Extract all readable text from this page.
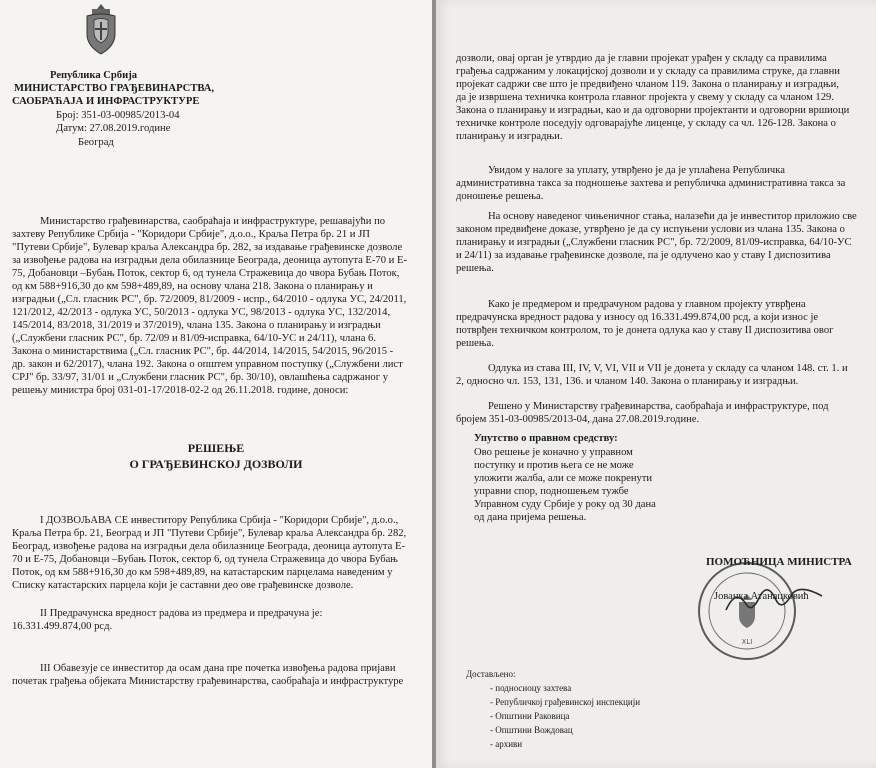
Република Србија
МИНИСТАРСТВО ГРАЂЕВИНАРСТВА,
САОБРАЋАЈА И ИНФРАСТРУКТУРЕ
Број: 351-03-00985/2013-04
Датум: 27.08.2019.године
Београд
Министарство грађевинарства, саобраћаја и инфраструктуре, решавајући по
захтеву Републике Србија - "Коридори Србије", д.о.о., Краља Петра бр. 21 и ЈП
"Путеви Србије", Булевар краља Александра бр. 282, за издавање грађевинске дозволе
за извођење радова на изградњи дела обилазнице Београда, деоница аутопута Е-70 и Е-
75, Добановци –Бубањ Поток, сектор 6, од тунела Стражевица до чвора Бубањ Поток,
од км 588+916,30 до км 598+489,89, на основу члана 218. Закона о планирању и
изградњи („Сл. гласник РС", бр. 72/2009, 81/2009 - испр., 64/2010 - одлука УС, 24/2011,
121/2012, 42/2013 - одлука УС, 50/2013 - одлука УС, 98/2013 - одлука УС, 132/2014,
145/2014, 83/2018, 31/2019 и 37/2019), члана 135. Закона о планирању и изградњи
(„Службени гласник РС", бр. 72/09 и 81/09-исправка, 64/10-УС и 24/11), члана 6.
Закона о министарствима („Сл. гласник РС", бр. 44/2014, 14/2015, 54/2015, 96/2015 -
др. закон и 62/2017), члана 192. Закона о општем управном поступку („Службени лист
СРЈ" бр. 33/97, 31/01 и „Службени гласник РС", бр. 30/10), овлашћења садржаног у
решењу министра број 031-01-17/2018-02-2 од 26.11.2018. године, доноси:
РЕШЕЊЕ
О ГРАЂЕВИНСКОЈ ДОЗВОЛИ
I ДОЗВОЉАВА СЕ инвеститору Република Србија - "Коридори Србије", д.о.о.,
Краља Петра бр. 21, Београд и ЈП "Путеви Србије", Булевар краља Александра бр. 282,
Београд, извођење радова на изградњи дела обилазнице Београда, деоница аутопута Е-
70 и Е-75, Добановци –Бубањ Поток, сектор 6, од тунела Стражевица до чвора Бубањ
Поток, од км 588+916,30 до км 598+489,89, на катастарским парцелама наведеним у
Списку катастарских парцела који је саставни део ове грађевинске дозволе.
II Предрачунска вредност радова из предмера и предрачуна је:
16.331.499.874,00 рсд.
III Обавезује се инвеститор да осам дана пре почетка извођења радова пријави
почетак грађења објеката Министарству грађевинарства, саобраћаја и инфраструктуре
дозволи, овај орган је утврдио да је главни пројекат урађен у складу са правилима
грађења садржаним у локацијској дозволи и у складу са правилима струке, да главни
пројекат садржи све што је предвиђено чланом 119. Закона о планирању и изградњи,
да је извршена техничка контрола главног пројекта у свему у складу са чланом 129.
Закона о планирању и изградњи, као и да одговорни пројектанти и одговорни вршиоци
техничке контроле поседују одговарајуће лиценце, у складу са чл. 126-128. Закона о
планирању и изградњи.
Увидом у налоге за уплату, утврђено је да је уплаћена Републичка
административна такса за подношење захтева и републичка административна такса за
доношење решења.
На основу наведеног чињеничног стања, налазећи да је инвеститор приложио све
законом предвиђене доказе, утврђено је да су испуњени услови из члана 135. Закона о
планирању и изградњи („Службени гласник РС", бр. 72/2009, 81/09-исправка, 64/10-УС
и 24/11) за издавање грађевинске дозволе, па је одлучено као у ставу I диспозитива
решења.
Како је предмером и предрачуном радова у главном пројекту утврђена
предрачунска вредност радова у износу од 16.331.499.874,00 рсд, а који износ је
потврђен техничком контролом, то је донета одлука као у ставу II диспозитива овог
решења.
Одлука из става III, IV, V, VI, VII и VII је донета у складу са чланом 148. ст. 1. и
2, односно чл. 153, 131, 136. и чланом 140. Закона о планирању и изградњи.
Решено у Министарству грађевинарства, саобраћаја и инфраструктуре, под
бројем 351-03-00985/2013-04, дана 27.08.2019.године.
Упутство о правном средству:
Ово решење је коначно у управном
поступку и против њега се не може
уложити жалба, али се може покренути
управни спор, подношењем тужбе
Управном суду Србије у року од 30 дана
од дана пријема решења.
Достављено:
- подносиоцу захтева
- Републичкој грађевинској инспекцији
- Општини Раковица
- Општини Вождовац
- архиви
XLI
ПОМОЋНИЦА МИНИСТРА
Јованка Атанацковић
